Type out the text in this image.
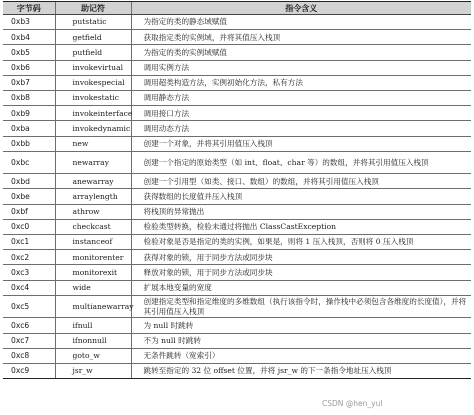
字节码	助记符	指令含义
0xb3	putstatic	为指定的类的静态域赋值
0xb4	getfield	获取指定类的实例域，并将其值压入栈顶
0xb5	putfield	为指定的类的实例域赋值
0xb6	invokevirtual	调用实例方法
0xb7	invokespecial	调用超类构造方法，实例初始化方法，私有方法
0xb8	invokestatic	调用静态方法
0xb9	invokeinterface	调用接口方法
0xba	invokedynamic	调用动态方法
0xbb	new	创建一个对象，并将其引用值压入栈顶
0xbc	newarray	创建一个指定的原始类型（如 int、float、char 等）的数组，并将其引用值压入栈顶
0xbd	anewarray	创建一个引用型（如类、接口、数组）的数组，并将其引用值压入栈顶
0xbe	arraylength	获得数组的长度值并压入栈顶
0xbf	athrow	将栈顶的异常抛出
0xc0	checkcast	检验类型转换，检验未通过将抛出 ClassCastException
0xc1	instanceof	检验对象是否是指定的类的实例，如果是，则将 1 压入栈顶，否则将 0 压入栈顶
0xc2	monitorenter	获得对象的锁，用于同步方法或同步块
0xc3	monitorexit	释放对象的锁，用于同步方法或同步块
0xc4	wide	扩展本地变量的宽度
0xc5	multianewarray	创建指定类型和指定维度的多维数组（执行该指令时，操作栈中必须包含各维度的长度值），并将其引用值压入栈顶
0xc6	ifnull	为 null 时跳转
0xc7	ifnonnull	不为 null 时跳转
0xc8	goto_w	无条件跳转（宽索引）
0xc9	jsr_w	跳转至指定的 32 位 offset 位置，并将 jsr_w 的下一条指令地址压入栈顶
CSDN @hen_yul
